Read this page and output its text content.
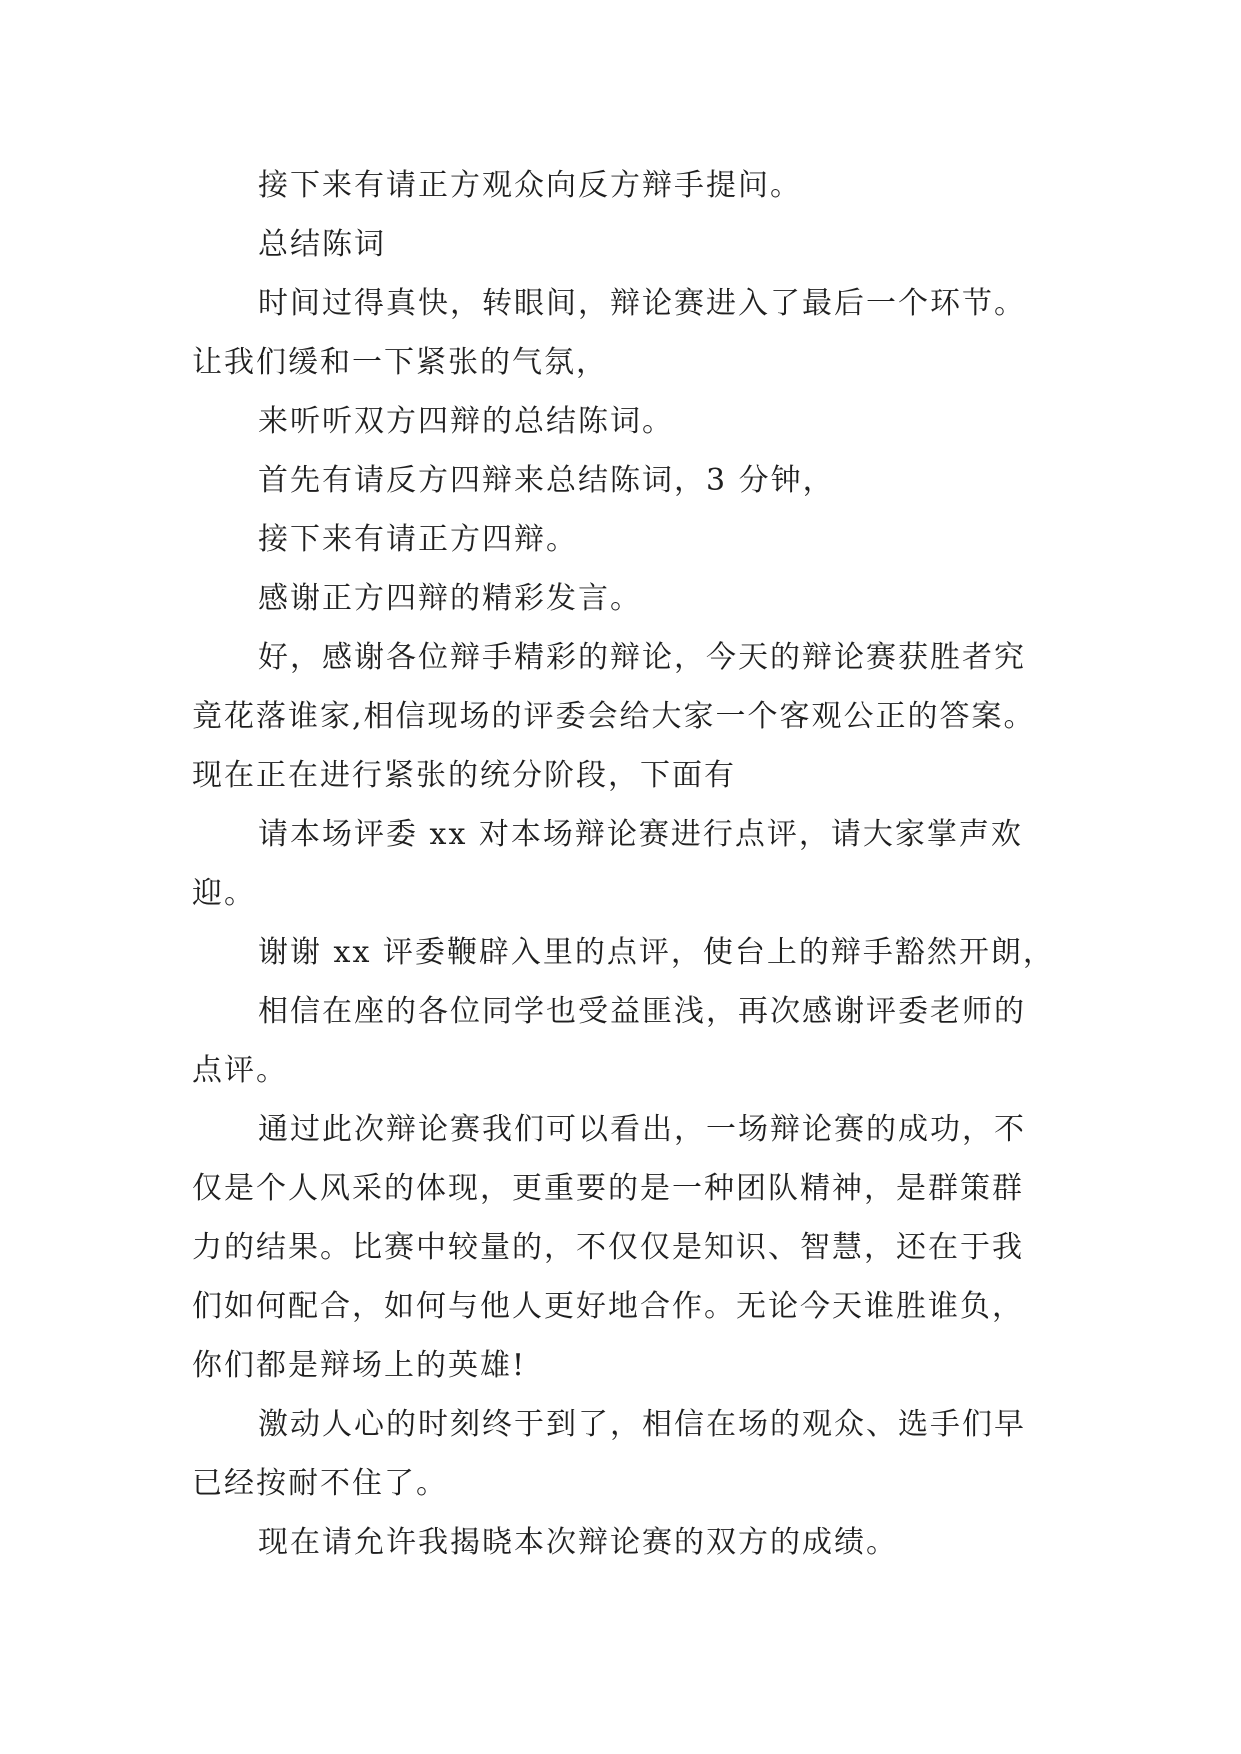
接下来有请正方观众向反方辩手提问。
总结陈词
时间过得真快，转眼间，辩论赛进入了最后一个环节。
让我们缓和一下紧张的气氛，
来听听双方四辩的总结陈词。
首先有请反方四辩来总结陈词，3 分钟，
接下来有请正方四辩。
感谢正方四辩的精彩发言。
好，感谢各位辩手精彩的辩论，今天的辩论赛获胜者究
竟花落谁家,相信现场的评委会给大家一个客观公正的答案。
现在正在进行紧张的统分阶段，下面有
请本场评委 xx 对本场辩论赛进行点评，请大家掌声欢
迎。
谢谢 xx 评委鞭辟入里的点评，使台上的辩手豁然开朗，
相信在座的各位同学也受益匪浅，再次感谢评委老师的
点评。
通过此次辩论赛我们可以看出，一场辩论赛的成功，不
仅是个人风采的体现，更重要的是一种团队精神，是群策群
力的结果。比赛中较量的，不仅仅是知识、智慧，还在于我
们如何配合，如何与他人更好地合作。无论今天谁胜谁负，
你们都是辩场上的英雄!
激动人心的时刻终于到了，相信在场的观众、选手们早
已经按耐不住了。
现在请允许我揭晓本次辩论赛的双方的成绩。
